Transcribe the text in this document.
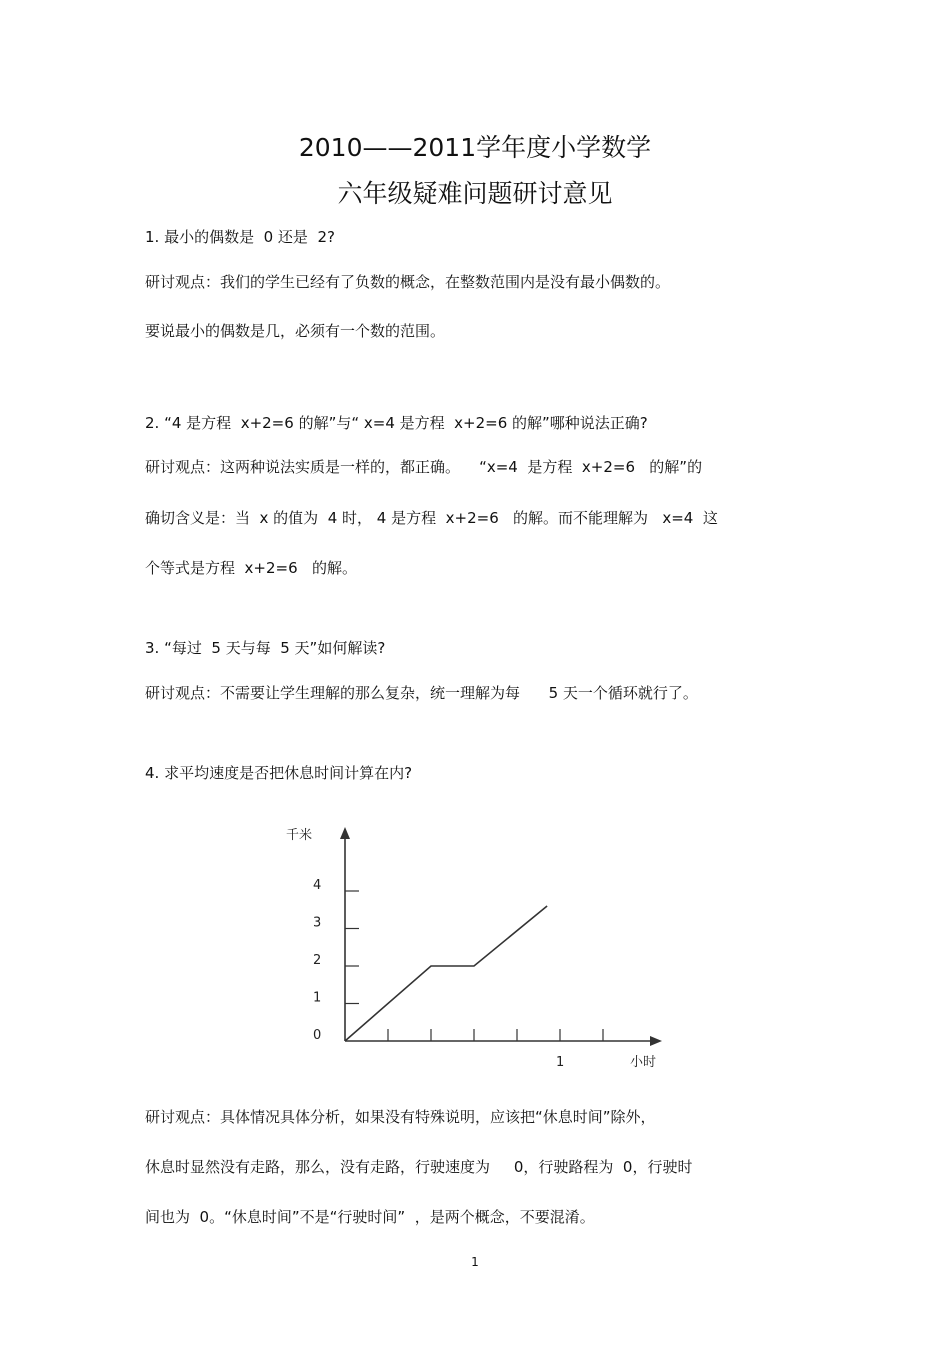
2010——2011学年度小学数学
六年级疑难问题研讨意见
1. 最小的偶数是  0 还是  2?
研讨观点：我们的学生已经有了负数的概念，在整数范围内是没有最小偶数的。
要说最小的偶数是几，必须有一个数的范围。
2. “4 是方程  x+2=6 的解”与“ x=4 是方程  x+2=6 的解”哪种说法正确?
研讨观点：这两种说法实质是一样的，都正确。    “x=4  是方程  x+2=6   的解”的
确切含义是：当  x 的值为  4 时， 4 是方程  x+2=6   的解。而不能理解为   x=4  这
个等式是方程  x+2=6   的解。
3. “每过  5 天与每  5 天”如何解读?
研讨观点：不需要让学生理解的那么复杂，统一理解为每      5 天一个循环就行了。
4. 求平均速度是否把休息时间计算在内?
千米
小时
0
1
2
3
4
1
研讨观点：具体情况具体分析，如果没有特殊说明，应该把“休息时间”除外，
休息时显然没有走路，那么，没有走路，行驶速度为     0，行驶路程为  0，行驶时
间也为  0。“休息时间”不是“行驶时间”  ，是两个概念，不要混淆。
1
